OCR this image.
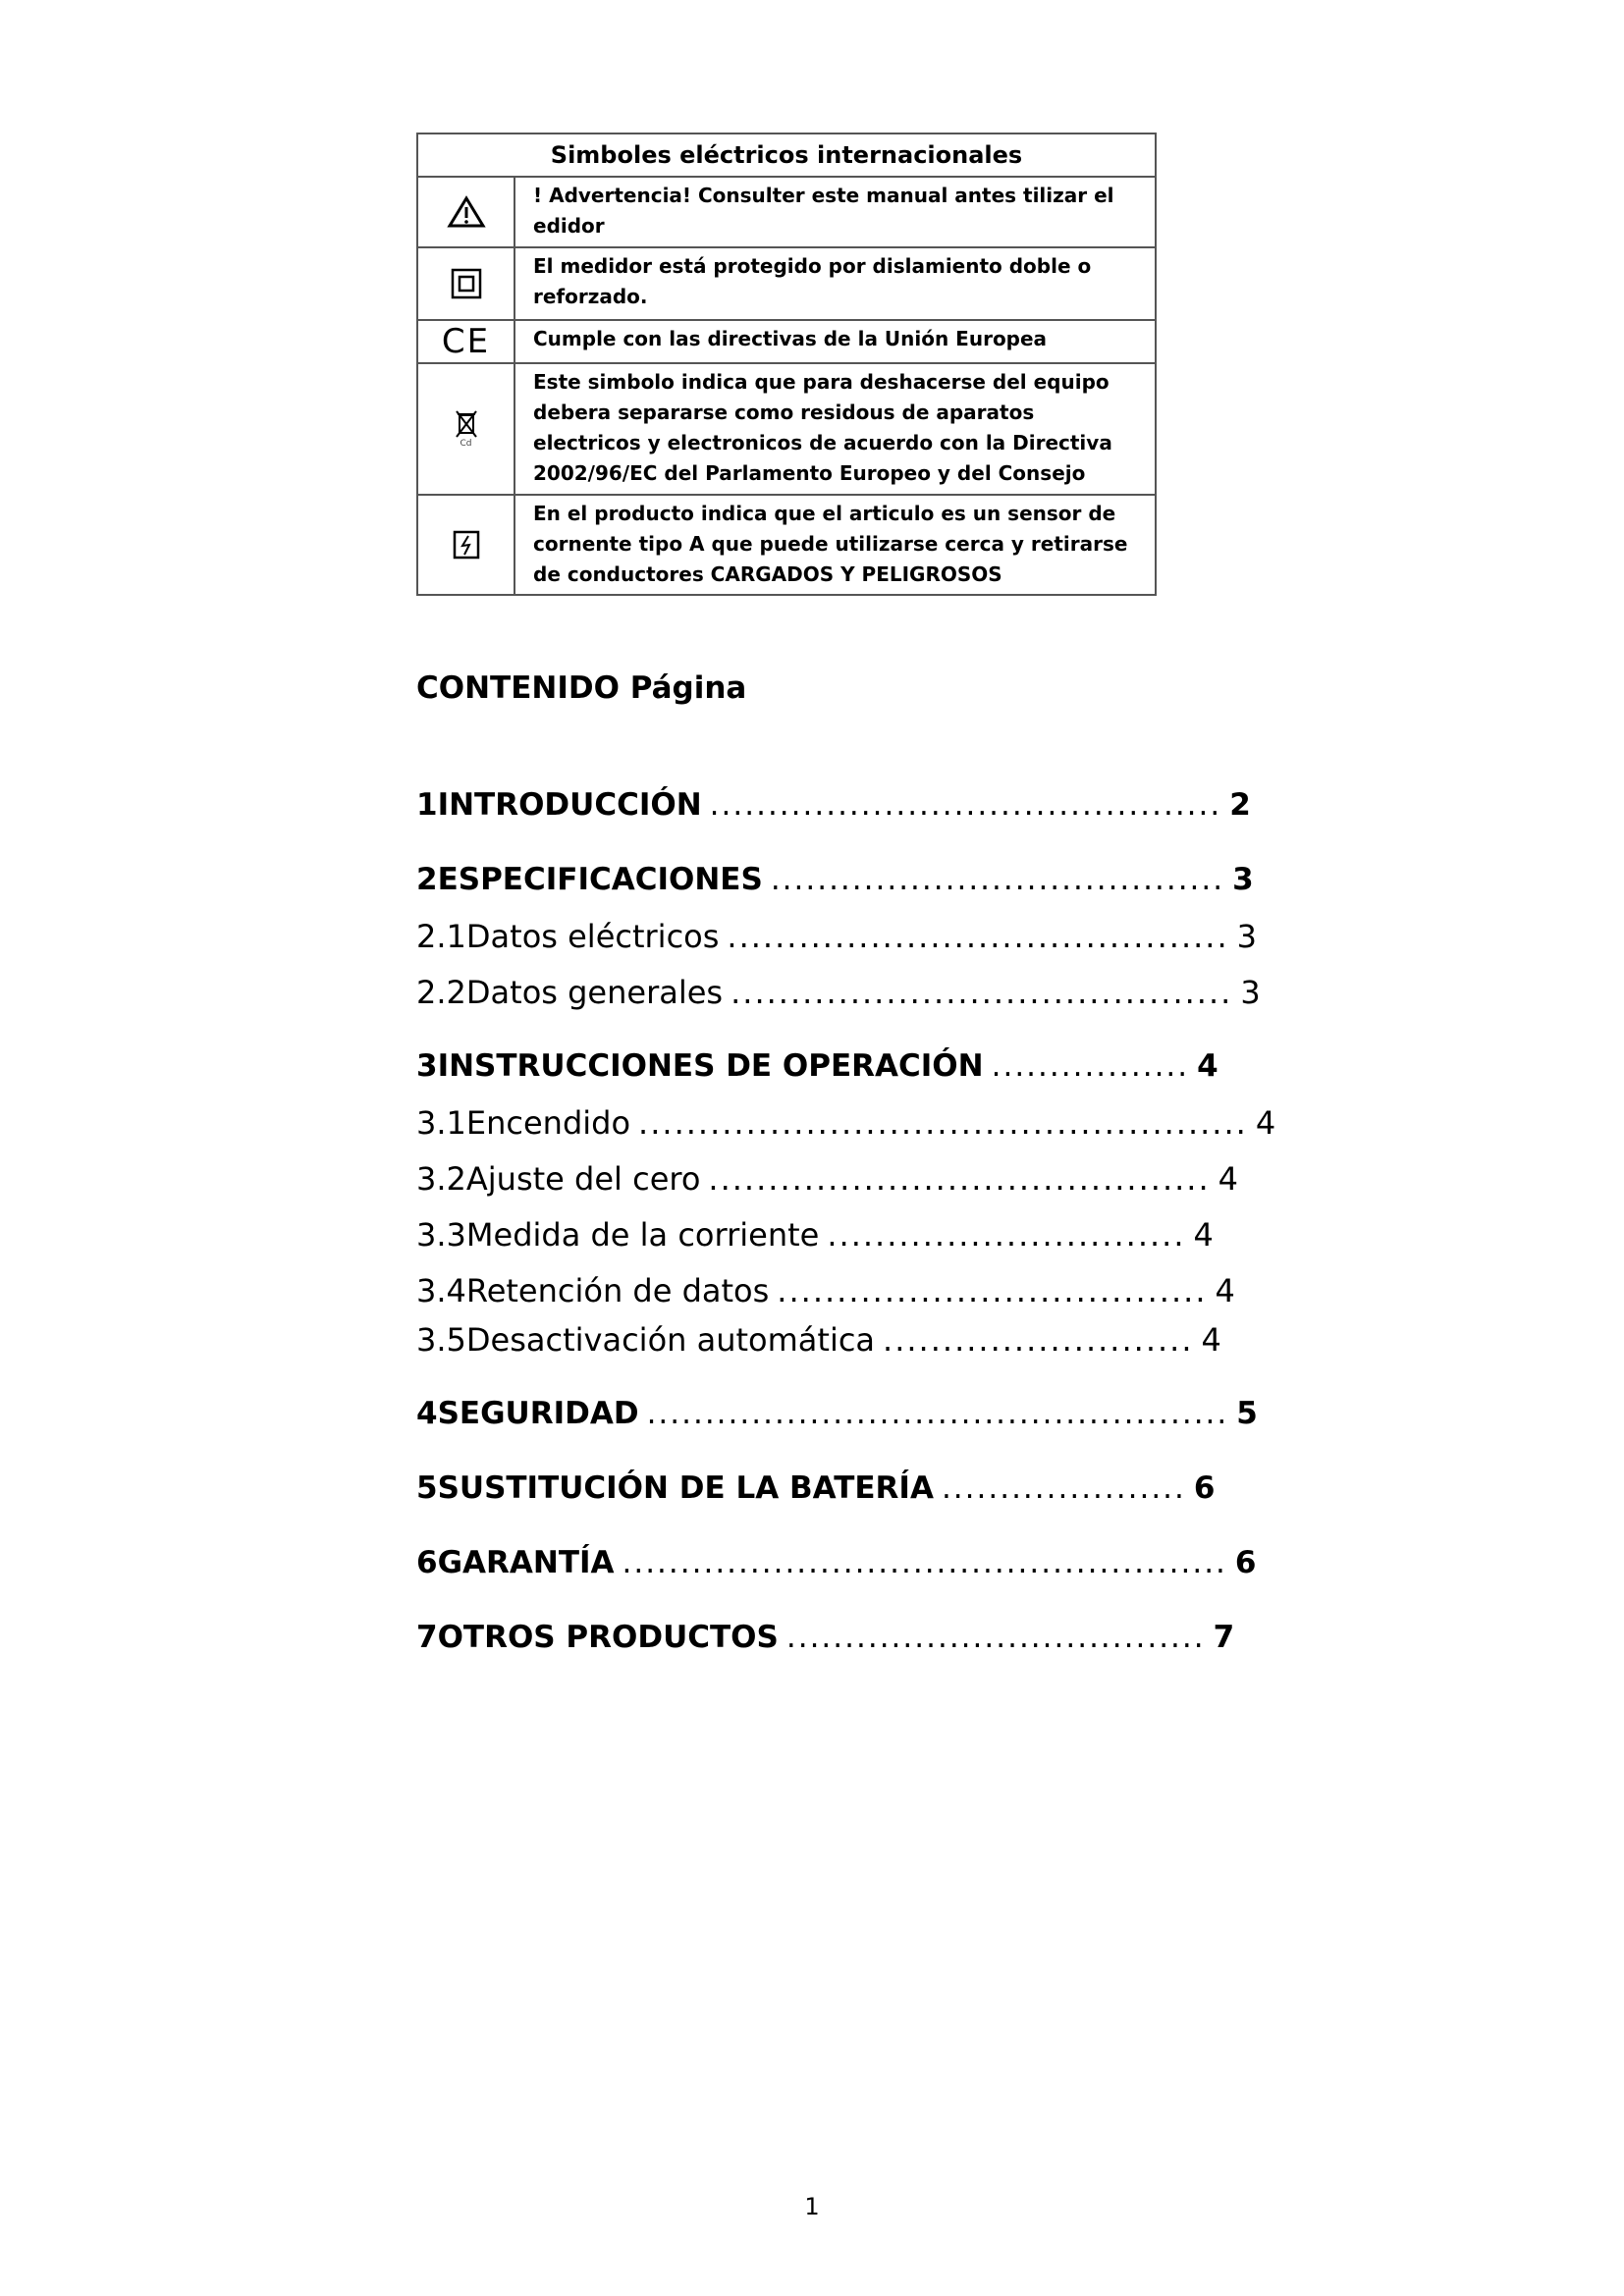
Simboles eléctricos internacionales
! Advertencia! Consulter este manual antes tilizar el edidor
El medidor está protegido por dislamiento doble o reforzado.
CE	Cumple con las directivas de la Unión Europea
Cd
Este simbolo indica que para deshacerse del equipo debera separarse como residous de aparatos electricos y electronicos de acuerdo con la Directiva 2002/96/EC del Parlamento Europeo y del Consejo
En el producto indica que el articulo es un sensor de cornente tipo A que puede utilizarse cerca y retirarse de conductores CARGADOS Y PELIGROSOS
CONTENIDO Página
1 INTRODUCCIÓN ............................................ 2
2 ESPECIFICACIONES ....................................... 3
2.1 Datos eléctricos .......................................... 3
2.2 Datos generales .......................................... 3
3 INSTRUCCIONES DE OPERACIÓN ................. 4
3.1 Encendido ................................................... 4
3.2 Ajuste del cero .......................................... 4
3.3 Medida de la corriente .............................. 4
3.4 Retención de datos .................................... 4
3.5 Desactivación automática .......................... 4
4 SEGURIDAD .................................................. 5
5 SUSTITUCIÓN DE LA BATERÍA ..................... 6
6 GARANTÍA .................................................... 6
7 OTROS PRODUCTOS .................................... 7
1
